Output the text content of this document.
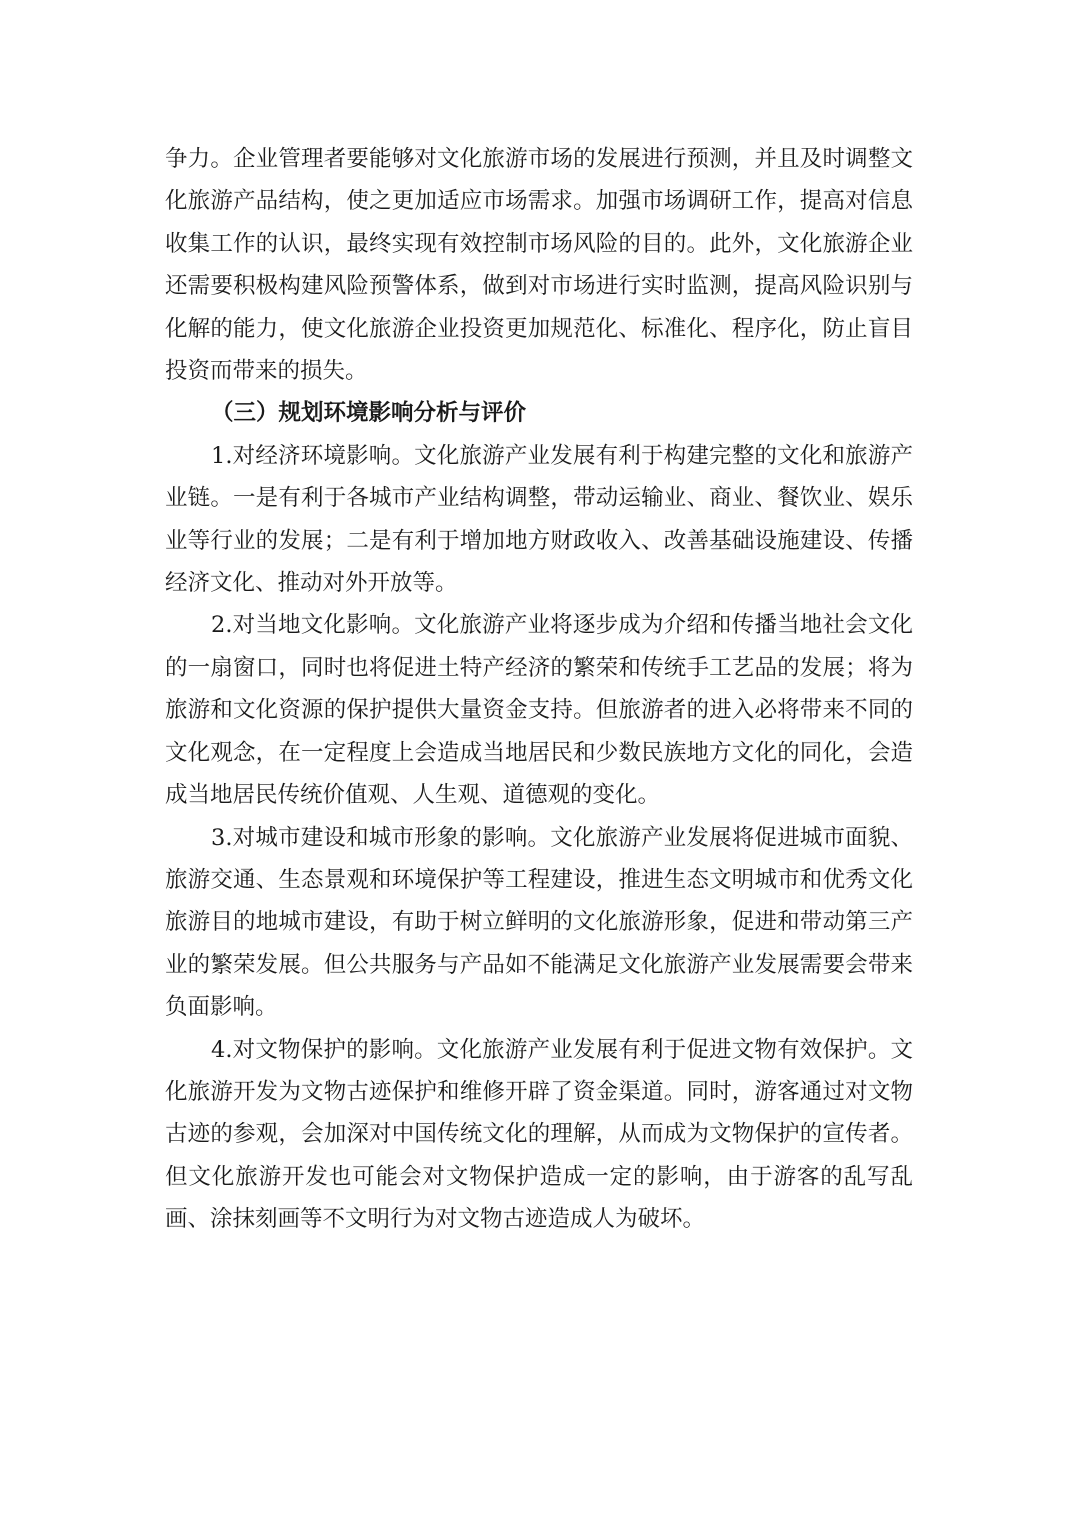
争力。企业管理者要能够对文化旅游市场的发展进行预测，并且及时调整文化旅游产品结构，使之更加适应市场需求。加强市场调研工作，提高对信息收集工作的认识，最终实现有效控制市场风险的目的。此外，文化旅游企业还需要积极构建风险预警体系，做到对市场进行实时监测，提高风险识别与化解的能力，使文化旅游企业投资更加规范化、标准化、程序化，防止盲目投资而带来的损失。

（三）规划环境影响分析与评价

1.对经济环境影响。文化旅游产业发展有利于构建完整的文化和旅游产业链。一是有利于各城市产业结构调整，带动运输业、商业、餐饮业、娱乐业等行业的发展；二是有利于增加地方财政收入、改善基础设施建设、传播经济文化、推动对外开放等。

2.对当地文化影响。文化旅游产业将逐步成为介绍和传播当地社会文化的一扇窗口，同时也将促进土特产经济的繁荣和传统手工艺品的发展；将为旅游和文化资源的保护提供大量资金支持。但旅游者的进入必将带来不同的文化观念，在一定程度上会造成当地居民和少数民族地方文化的同化，会造成当地居民传统价值观、人生观、道德观的变化。

3.对城市建设和城市形象的影响。文化旅游产业发展将促进城市面貌、旅游交通、生态景观和环境保护等工程建设，推进生态文明城市和优秀文化旅游目的地城市建设，有助于树立鲜明的文化旅游形象，促进和带动第三产业的繁荣发展。但公共服务与产品如不能满足文化旅游产业发展需要会带来负面影响。

4.对文物保护的影响。文化旅游产业发展有利于促进文物有效保护。文化旅游开发为文物古迹保护和维修开辟了资金渠道。同时，游客通过对文物古迹的参观，会加深对中国传统文化的理解，从而成为文物保护的宣传者。但文化旅游开发也可能会对文物保护造成一定的影响，由于游客的乱写乱画、涂抹刻画等不文明行为对文物古迹造成人为破坏。
